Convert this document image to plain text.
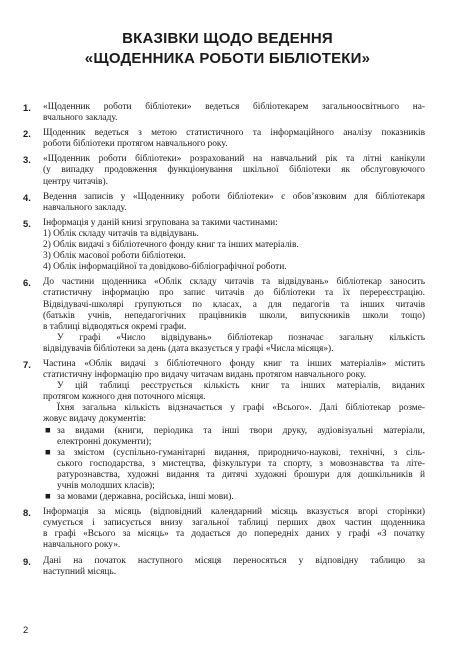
ВКАЗІВКИ ЩОДО ВЕДЕННЯ
«ЩОДЕННИКА РОБОТИ БІБЛІОТЕКИ»
1.	«Щоденник роботи бібліотеки» ведеться бібліотекарем загальноосвітнього на-
вчального закладу.
2.	Щоденник ведеться з метою статистичного та інформаційного аналізу показників
роботи бібліотеки протягом навчального року.
3.	«Щоденник роботи бібліотеки» розрахований на навчальний рік та літні канікули
(у випадку продовження функціонування шкільної бібліотеки як обслуговуючого
центру читачів).
4.	Ведення записів у «Щоденнику роботи бібліотеки» є обов’язковим для бібліотекаря
навчального закладу.
5.	Інформація у даній книзі згрупована за такими частинами:
1) Облік складу читачів та відвідувань.
2) Облік видачі з бібліотечного фонду книг та інших матеріалів.
3) Облік масової роботи бібліотеки.
4) Облік інформаційної та довідково-бібліографічної роботи.
6.	До частини щоденника «Облік складу читачів та відвідувань» бібліотекар заносить
статистичну інформацію про запис читачів до бібліотеки та їх перереєстрацію.
Відвідувачі-школярі групуються по класах, а для педагогів та інших читачів
(батьків учнів, непедагогічних працівників школи, випускників школи тощо)
в таблиці відводяться окремі графи.
У графі «Число відвідувань» бібліотекар позначає загальну кількість
відвідувачів бібліотеки за день (дата вказується у графі «Числа місяця»).
7.	Частина «Облік видачі з бібліотечного фонду книг та інших матеріалів» містить
статистичну інформацію про видачу читачам видань протягом навчального року.
У цій таблиці реєструється кількість книг та інших матеріалів, виданих
протягом кожного дня поточного місяця.
Їхня загальна кількість відзначається у графі «Всього». Далі бібліотекар розме-
жовує видачу документів:
■ за видами (книги, періодика та інші твори друку, аудіовізуальні матеріали,
електронні документи);
■ за змістом (суспільно-гуманітарні видання, природничо-наукові, технічні, з сіль-
ського господарства, з мистецтва, фізкультури та спорту, з мовознавства та літе-
ратурознавства, художні видання та дитячі художні брошури для дошкільників й
учнів молодших класів);
■ за мовами (державна, російська, інші мови).
8.	Інформація за місяць (відповідний календарний місяць вказується вгорі сторінки)
сумується і записується внизу загальної таблиці перших двох частин щоденника
в графі «Всього за місяць» та додається до попередніх даних у графі «З початку
навчального року».
9.	Дані на початок наступного місяця переносяться у відповідну таблицю за
наступний місяць.
2
